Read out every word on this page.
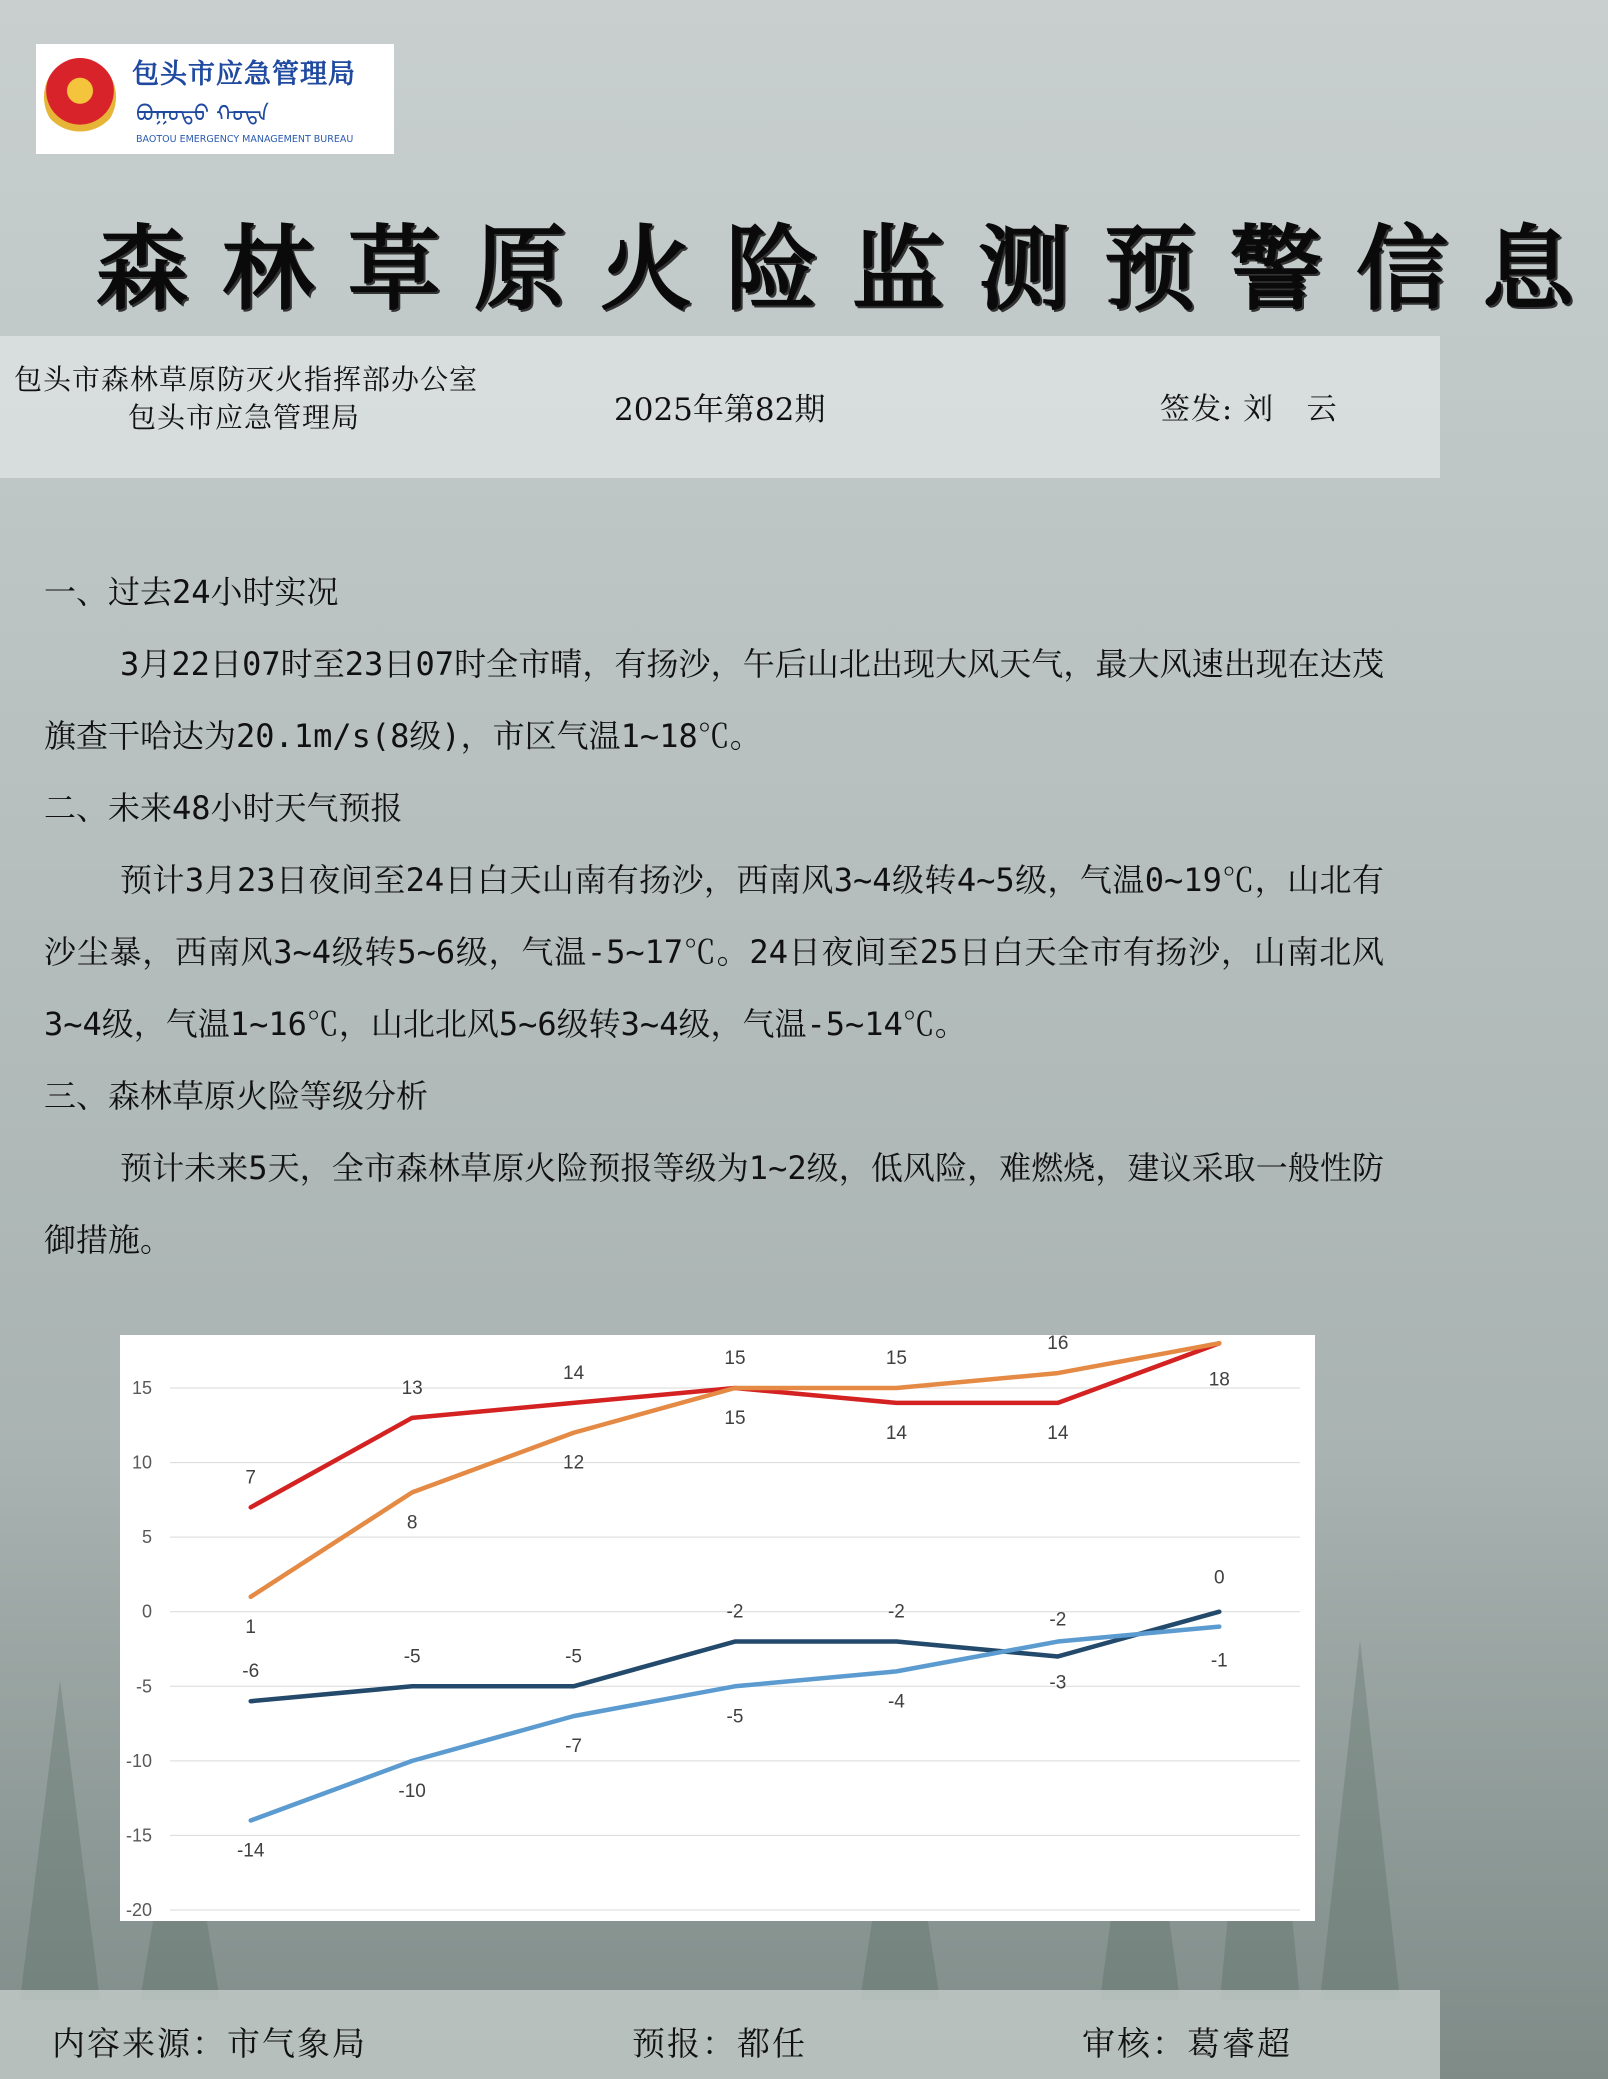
包头市应急管理局
ᠪᠤᠭᠤᠲᠤ ᠬᠣᠲᠠ
BAOTOU EMERGENCY MANAGEMENT BUREAU
森林草原火险监测预警信息
包头市森林草原防灭火指挥部办公室
包头市应急管理局	2025年第82期	签发: 刘 云

一、过去24小时实况

3月22日07时至23日07时全市晴，有扬沙，午后山北出现大风天气，最大风速出现在达茂旗查干哈达为20.1m/s(8级)，市区气温1~18℃。

二、未来48小时天气预报

预计3月23日夜间至24日白天山南有扬沙，西南风3~4级转4~5级，气温0~19℃，山北有沙尘暴，西南风3~4级转5~6级，气温-5~17℃。24日夜间至25日白天全市有扬沙，山南北风3~4级，气温1~16℃，山北北风5~6级转3~4级，气温-5~14℃。

三、森林草原火险等级分析

预计未来5天，全市森林草原火险预报等级为1~2级，低风险，难燃烧，建议采取一般性防御措施。

15
10
5
0
-5
-10
-15
-20
7
13
14
15
14	14
18
1
8
12
15	15
16
-6
-5	-5
-2	-2
-3
0
-14
-10
-7
-5
-4
-2
-1
内容来源：市气象局	预报：都任	审核：葛睿超
